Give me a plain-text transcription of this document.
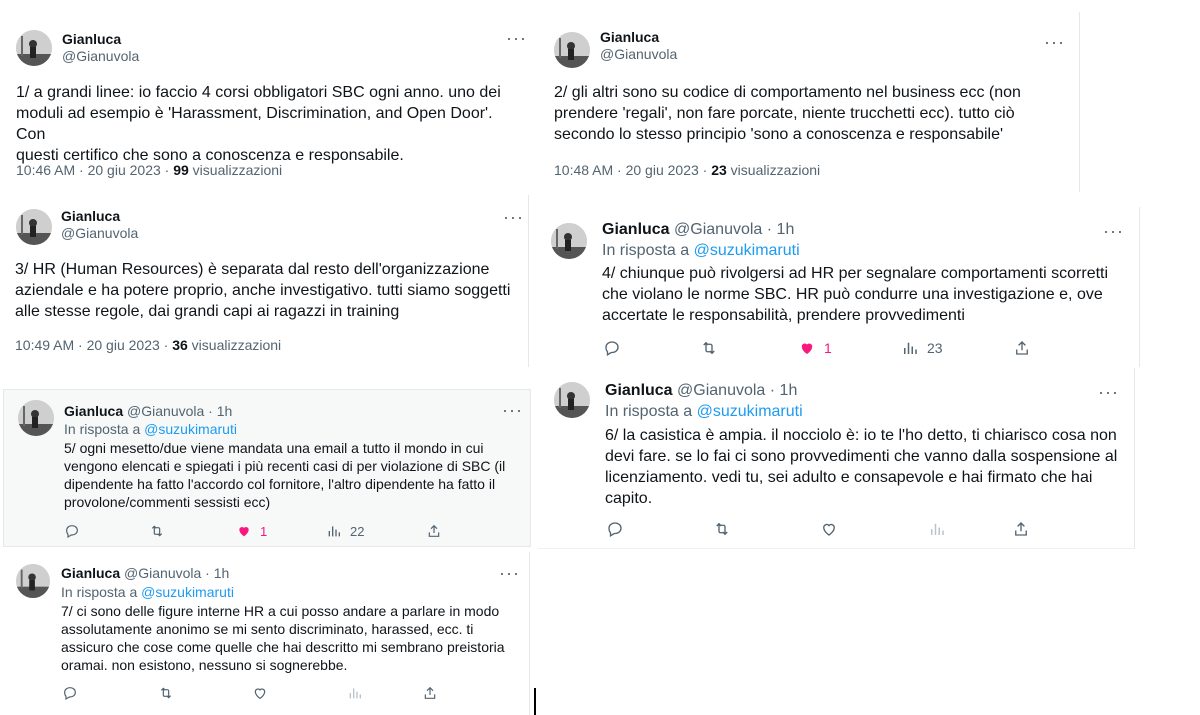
Gianluca
@Gianuvola
···
1/ a grandi linee: io faccio 4 corsi obbligatori SBC ogni anno. uno dei
moduli ad esempio è 'Harassment, Discrimination, and Open Door'. Con
questi certifico che sono a conoscenza e responsabile.
10:46 AM · 20 giu 2023 · 99 visualizzazioni
Gianluca
@Gianuvola
···
2/ gli altri sono su codice di comportamento nel business ecc (non
prendere 'regali', non fare porcate, niente trucchetti ecc). tutto ciò
secondo lo stesso principio 'sono a conoscenza e responsabile'
10:48 AM · 20 giu 2023 · 23 visualizzazioni
Gianluca
@Gianuvola
···
3/ HR (Human Resources) è separata dal resto dell'organizzazione
aziendale e ha potere proprio, anche investigativo. tutti siamo soggetti
alle stesse regole, dai grandi capi ai ragazzi in training
10:49 AM · 20 giu 2023 · 36 visualizzazioni
Gianluca @Gianuvola · 1h
In risposta a @suzukimaruti
···
4/ chiunque può rivolgersi ad HR per segnalare comportamenti scorretti
che violano le norme SBC. HR può condurre una investigazione e, ove
accertate le responsabilità, prendere provvedimenti
1	23
Gianluca @Gianuvola · 1h
In risposta a @suzukimaruti
···
5/ ogni mesetto/due viene mandata una email a tutto il mondo in cui
vengono elencati e spiegati i più recenti casi di per violazione di SBC (il
dipendente ha fatto l'accordo col fornitore, l'altro dipendente ha fatto il
provolone/commenti sessisti ecc)
1	22
Gianluca @Gianuvola · 1h
In risposta a @suzukimaruti
···
6/ la casistica è ampia. il nocciolo è: io te l'ho detto, ti chiarisco cosa non
devi fare. se lo fai ci sono provvedimenti che vanno dalla sospensione al
licenziamento. vedi tu, sei adulto e consapevole e hai firmato che hai
capito.
Gianluca @Gianuvola · 1h
In risposta a @suzukimaruti
···
7/ ci sono delle figure interne HR a cui posso andare a parlare in modo
assolutamente anonimo se mi sento discriminato, harassed, ecc. ti
assicuro che cose come quelle che hai descritto mi sembrano preistoria
oramai. non esistono, nessuno si sognerebbe.
